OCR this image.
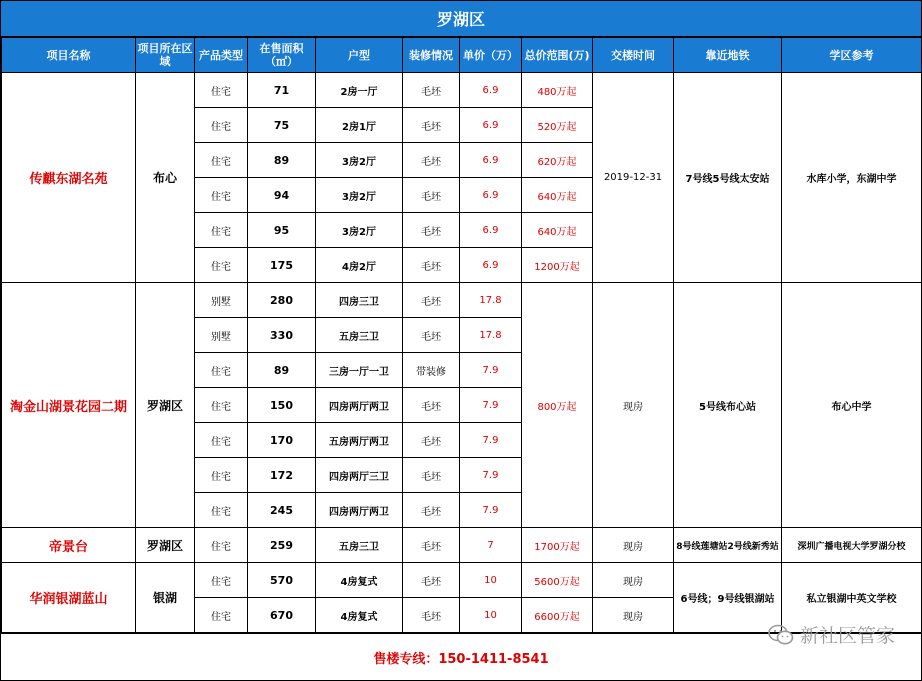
罗湖区
项目名称	项目所在区域	产品类型	在售面积（㎡）	户型	装修情况	单价（万）	总价范围(万)	交楼时间	靠近地铁	学区参考
传麒东湖名苑	布心	住宅	71	2房一厅	毛坯	6.9	480万起	2019-12-31	7号线5号线太安站	水库小学，东湖中学
		住宅	75	2房1厅	毛坯	6.9	520万起			
		住宅	89	3房2厅	毛坯	6.9	620万起			
		住宅	94	3房2厅	毛坯	6.9	640万起			
		住宅	95	3房2厅	毛坯	6.9	640万起			
		住宅	175	4房2厅	毛坯	6.9	1200万起			
淘金山湖景花园二期	罗湖区	别墅	280	四房三卫	毛坯	17.8	800万起	现房	5号线布心站	布心中学
		别墅	330	五房三卫	毛坯	17.8				
		住宅	89	三房一厅一卫	带装修	7.9				
		住宅	150	四房两厅两卫	毛坯	7.9				
		住宅	170	五房两厅两卫	毛坯	7.9				
		住宅	172	四房两厅三卫	毛坯	7.9				
		住宅	245	四房两厅两卫	毛坯	7.9				
帝景台	罗湖区	住宅	259	五房三卫	毛坯	7	1700万起	现房	8号线莲塘站2号线新秀站	深圳广播电视大学罗湖分校
华润银湖蓝山	银湖	住宅	570	4房复式	毛坯	10	5600万起	现房	6号线；9号线银湖站	私立银湖中英文学校
		住宅	670	4房复式	毛坯	10	6600万起	现房		
售楼专线：150-1411-8541
新社区管家
